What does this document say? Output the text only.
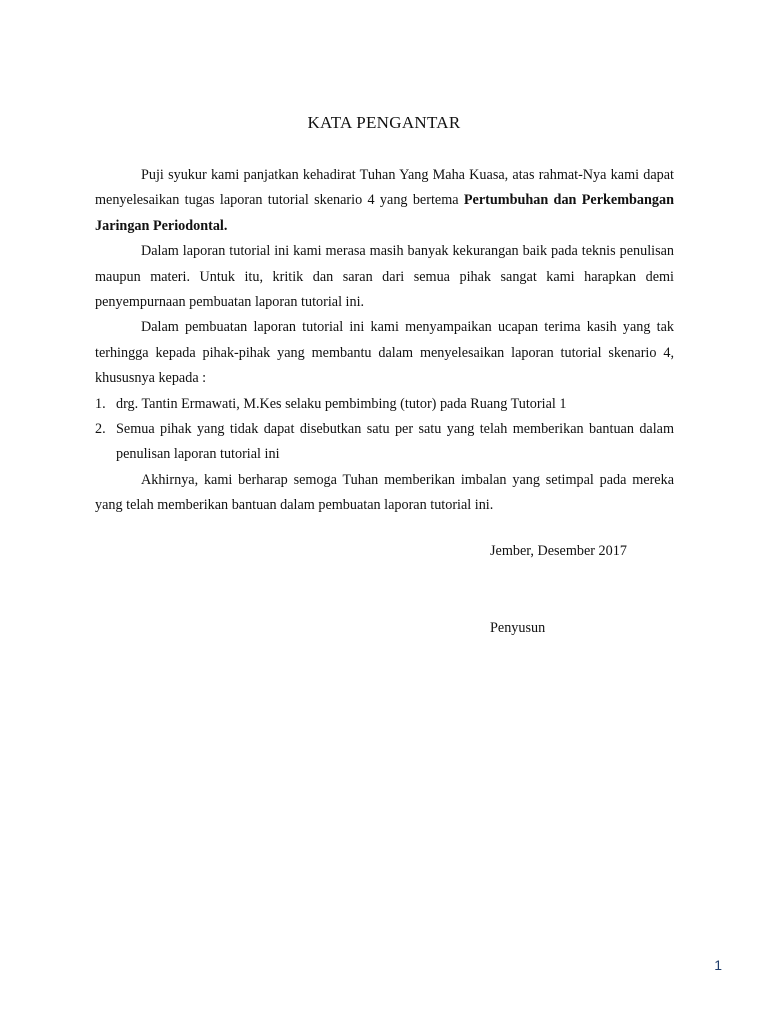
KATA PENGANTAR

Puji syukur kami panjatkan kehadirat Tuhan Yang Maha Kuasa, atas rahmat-Nya kami dapat menyelesaikan tugas laporan tutorial skenario 4 yang bertema Pertumbuhan dan Perkembangan Jaringan Periodontal.

Dalam laporan tutorial ini kami merasa masih banyak kekurangan baik pada teknis penulisan maupun materi. Untuk itu, kritik dan saran dari semua pihak sangat kami harapkan demi penyempurnaan pembuatan laporan tutorial ini.

Dalam pembuatan laporan tutorial ini kami menyampaikan ucapan terima kasih yang tak terhingga kepada pihak-pihak yang membantu dalam menyelesaikan laporan tutorial skenario 4, khususnya kepada :

1. drg. Tantin Ermawati, M.Kes selaku pembimbing (tutor) pada Ruang Tutorial 1
2. Semua pihak yang tidak dapat disebutkan satu per satu yang telah memberikan bantuan dalam penulisan laporan tutorial ini

Akhirnya, kami berharap semoga Tuhan memberikan imbalan yang setimpal pada mereka yang telah memberikan bantuan dalam pembuatan laporan tutorial ini.

Jember, Desember 2017
Penyusun
1
